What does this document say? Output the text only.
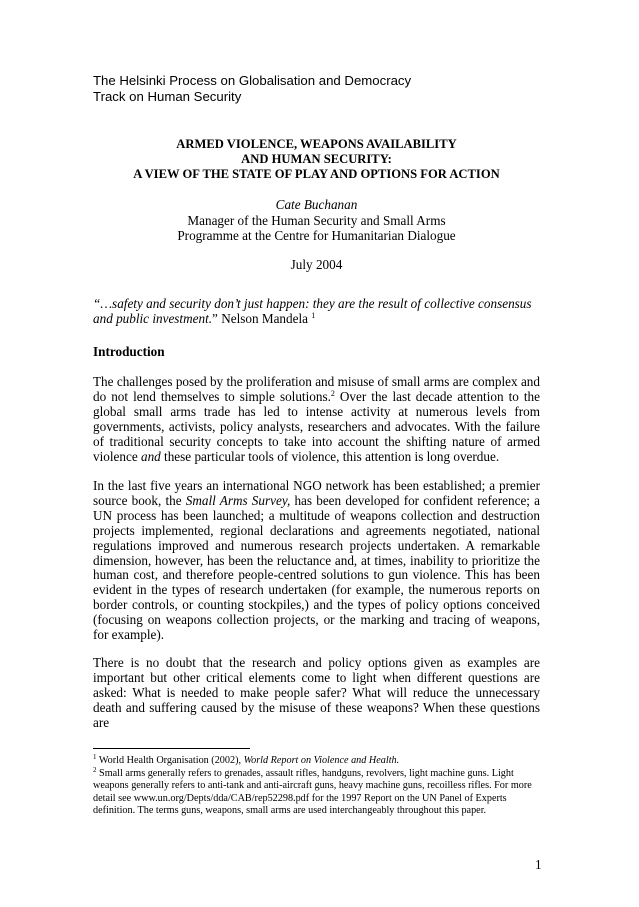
The Helsinki Process on Globalisation and Democracy
Track on Human Security
ARMED VIOLENCE, WEAPONS AVAILABILITY
AND HUMAN SECURITY:
A VIEW OF THE STATE OF PLAY AND OPTIONS FOR ACTION
Cate Buchanan
Manager of the Human Security and Small Arms
Programme at the Centre for Humanitarian Dialogue
July 2004
“…safety and security don’t just happen: they are the result of collective consensus and public investment.” Nelson Mandela $^1$
Introduction
The challenges posed by the proliferation and misuse of small arms are complex and do not lend themselves to simple solutions.$^2$ Over the last decade attention to the global small arms trade has led to intense activity at numerous levels from governments, activists, policy analysts, researchers and advocates. With the failure of traditional security concepts to take into account the shifting nature of armed violence and these particular tools of violence, this attention is long overdue.
In the last five years an international NGO network has been established; a premier source book, the Small Arms Survey, has been developed for confident reference; a UN process has been launched; a multitude of weapons collection and destruction projects implemented, regional declarations and agreements negotiated, national regulations improved and numerous research projects undertaken. A remarkable dimension, however, has been the reluctance and, at times, inability to prioritize the human cost, and therefore people-centred solutions to gun violence. This has been evident in the types of research undertaken (for example, the numerous reports on border controls, or counting stockpiles,) and the types of policy options conceived (focusing on weapons collection projects, or the marking and tracing of weapons, for example).
There is no doubt that the research and policy options given as examples are important but other critical elements come to light when different questions are asked: What is needed to make people safer? What will reduce the unnecessary death and suffering caused by the misuse of these weapons? When these questions are
$^1$ World Health Organisation (2002), World Report on Violence and Health.
$^2$ Small arms generally refers to grenades, assault rifles, handguns, revolvers, light machine guns. Light weapons generally refers to anti-tank and anti-aircraft guns, heavy machine guns, recoilless rifles. For more detail see www.un.org/Depts/dda/CAB/rep52298.pdf for the 1997 Report on the UN Panel of Experts definition. The terms guns, weapons, small arms are used interchangeably throughout this paper.
1
